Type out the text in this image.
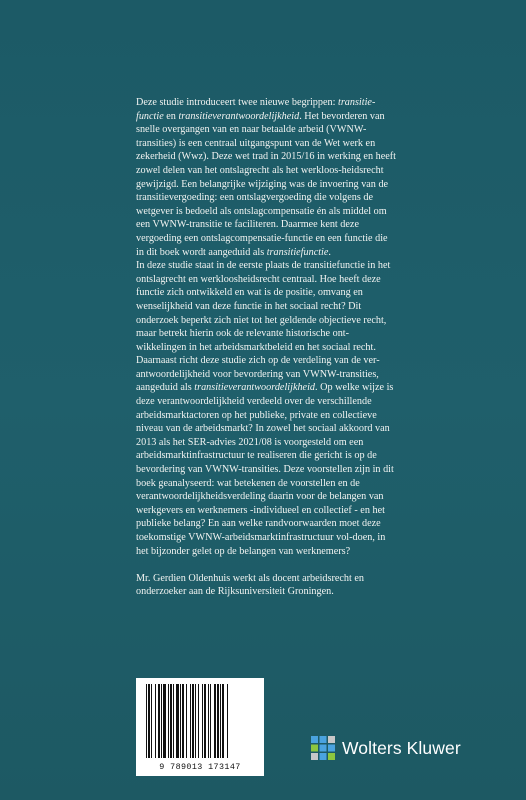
Deze studie introduceert twee nieuwe begrippen: transitie-functie en transitieverantwoordelijkheid. Het bevorderen van snelle overgangen van en naar betaalde arbeid (VWNW-transities) is een centraal uitgangspunt van de Wet werk en zekerheid (Wwz). Deze wet trad in 2015/16 in werking en heeft zowel delen van het ontslagrecht als het werkloos-heidsrecht gewijzigd. Een belangrijke wijziging was de invoering van de transitievergoeding: een ontslagvergoeding die volgens de wetgever is bedoeld als ontslagcompensatie én als middel om een VWNW-transitie te faciliteren. Daarmee kent deze vergoeding een ontslagcompensatie-functie en een functie die in dit boek wordt aangeduid als transitiefunctie.

In deze studie staat in de eerste plaats de transitiefunctie in het ontslagrecht en werkloosheidsrecht centraal. Hoe heeft deze functie zich ontwikkeld en wat is de positie, omvang en wenselijkheid van deze functie in het sociaal recht? Dit onderzoek beperkt zich niet tot het geldende objectieve recht, maar betrekt hierin ook de relevante historische ont-wikkelingen in het arbeidsmarktbeleid en het sociaal recht. Daarnaast richt deze studie zich op de verdeling van de ver-antwoordelijkheid voor bevordering van VWNW-transities, aangeduid als transitieverantwoordelijkheid. Op welke wijze is deze verantwoordelijkheid verdeeld over de verschillende arbeidsmarktactoren op het publieke, private en collectieve niveau van de arbeidsmarkt? In zowel het sociaal akkoord van 2013 als het SER-advies 2021/08 is voorgesteld om een arbeidsmarktinfrastructuur te realiseren die gericht is op de bevordering van VWNW-transities. Deze voorstellen zijn in dit boek geanalyseerd: wat betekenen de voorstellen en de verantwoordelijkheidsverdeling daarin voor de belangen van werkgevers en werknemers -individueel en collectief - en het publieke belang? En aan welke randvoorwaarden moet deze toekomstige VWNW-arbeidsmarktinfrastructuur vol-doen, in het bijzonder gelet op de belangen van werknemers?

Mr. Gerdien Oldenhuis werkt als docent arbeidsrecht en onderzoeker aan de Rijksuniversiteit Groningen.

9 789013 173147
Wolters Kluwer
